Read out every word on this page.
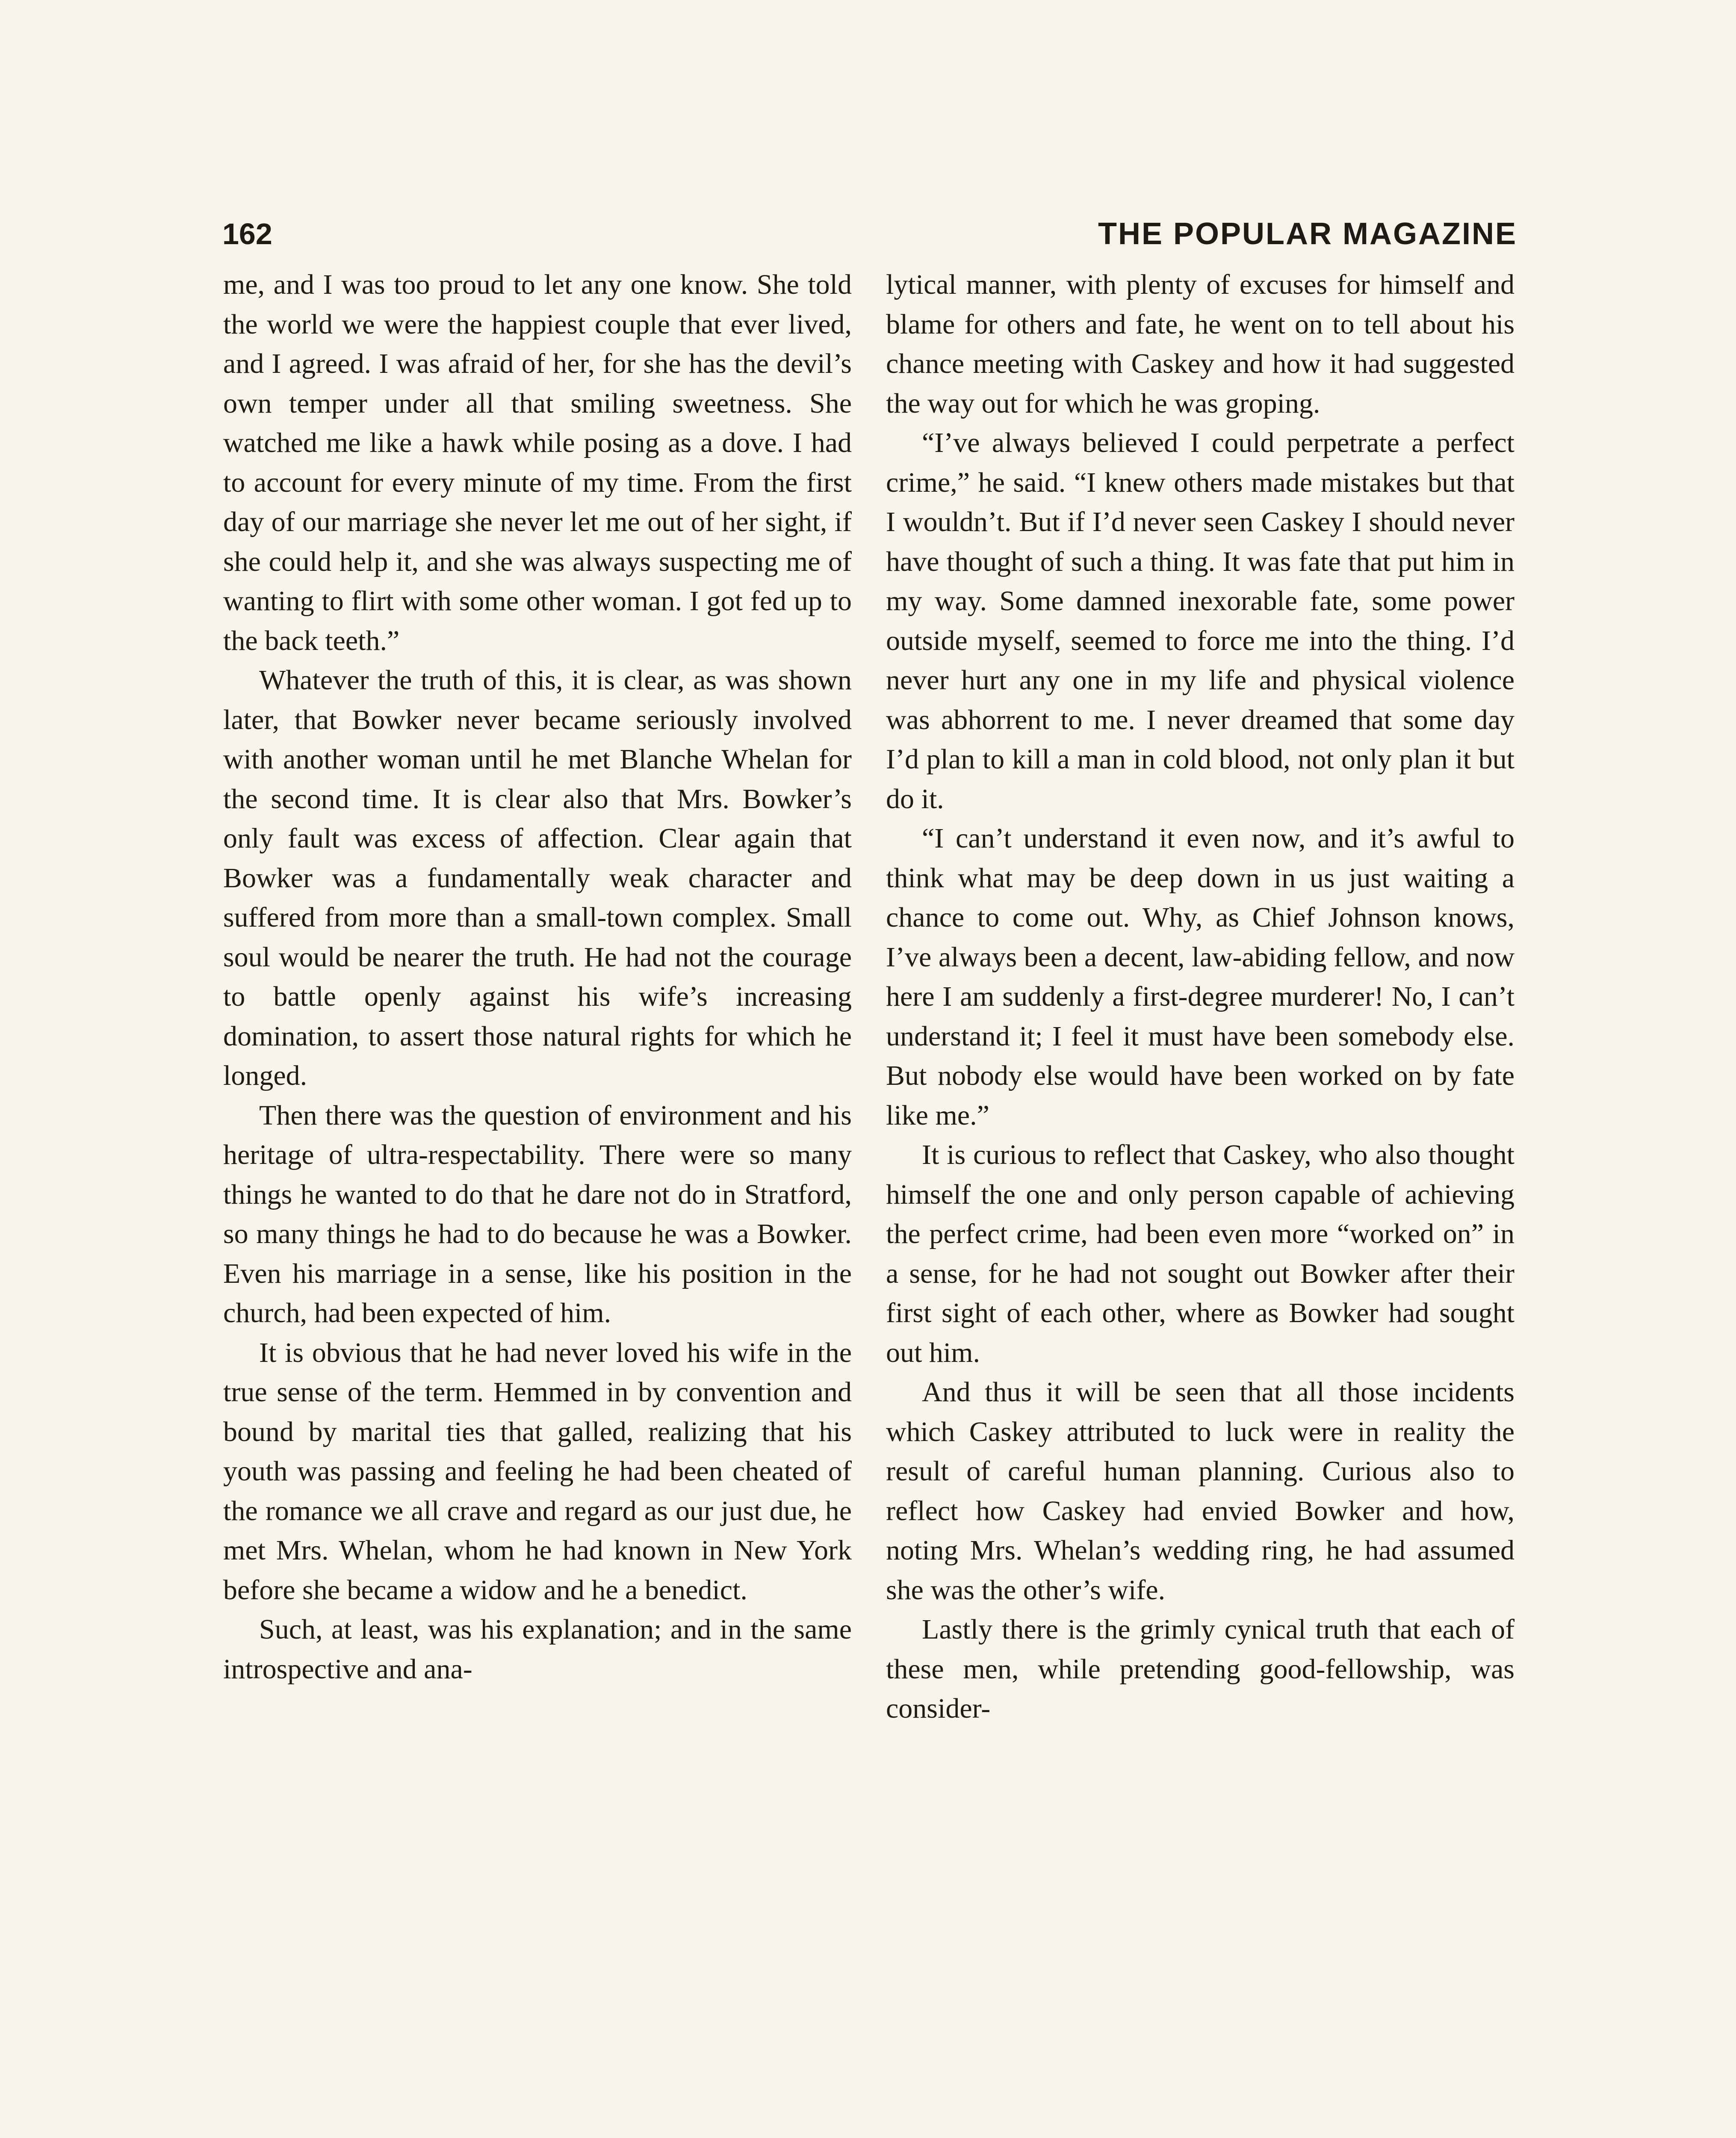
162	THE POPULAR MAGAZINE

me, and I was too proud to let any one know. She told the world we were the happiest couple that ever lived, and I agreed. I was afraid of her, for she has the devil’s own temper under all that smiling sweetness. She watched me like a hawk while posing as a dove. I had to account for every minute of my time. From the first day of our marriage she never let me out of her sight, if she could help it, and she was always suspecting me of wanting to flirt with some other woman. I got fed up to the back teeth.”

Whatever the truth of this, it is clear, as was shown later, that Bowker never became seriously involved with another woman until he met Blanche Whelan for the second time. It is clear also that Mrs. Bowker’s only fault was excess of affection. Clear again that Bowker was a fundamentally weak character and suffered from more than a small-town complex. Small soul would be nearer the truth. He had not the courage to battle openly against his wife’s increasing domination, to assert those natural rights for which he longed.

Then there was the question of environment and his heritage of ultra-respectability. There were so many things he wanted to do that he dare not do in Stratford, so many things he had to do because he was a Bowker. Even his marriage in a sense, like his position in the church, had been expected of him.

It is obvious that he had never loved his wife in the true sense of the term. Hemmed in by convention and bound by marital ties that galled, realizing that his youth was passing and feeling he had been cheated of the romance we all crave and regard as our just due, he met Mrs. Whelan, whom he had known in New York before she became a widow and he a benedict.

Such, at least, was his explanation; and in the same introspective and ana-

lytical manner, with plenty of excuses for himself and blame for others and fate, he went on to tell about his chance meeting with Caskey and how it had suggested the way out for which he was groping.

“I’ve always believed I could perpetrate a perfect crime,” he said. “I knew others made mistakes but that I wouldn’t. But if I’d never seen Caskey I should never have thought of such a thing. It was fate that put him in my way. Some damned inexorable fate, some power outside myself, seemed to force me into the thing. I’d never hurt any one in my life and physical violence was abhorrent to me. I never dreamed that some day I’d plan to kill a man in cold blood, not only plan it but do it.

“I can’t understand it even now, and it’s awful to think what may be deep down in us just waiting a chance to come out. Why, as Chief Johnson knows, I’ve always been a decent, law-abiding fellow, and now here I am suddenly a first-degree murderer! No, I can’t understand it; I feel it must have been somebody else. But nobody else would have been worked on by fate like me.”

It is curious to reflect that Caskey, who also thought himself the one and only person capable of achieving the perfect crime, had been even more “worked on” in a sense, for he had not sought out Bowker after their first sight of each other, where as Bowker had sought out him.

And thus it will be seen that all those incidents which Caskey attributed to luck were in reality the result of careful human planning. Curious also to reflect how Caskey had envied Bowker and how, noting Mrs. Whelan’s wedding ring, he had assumed she was the other’s wife.

Lastly there is the grimly cynical truth that each of these men, while pretending good-fellowship, was consider-
